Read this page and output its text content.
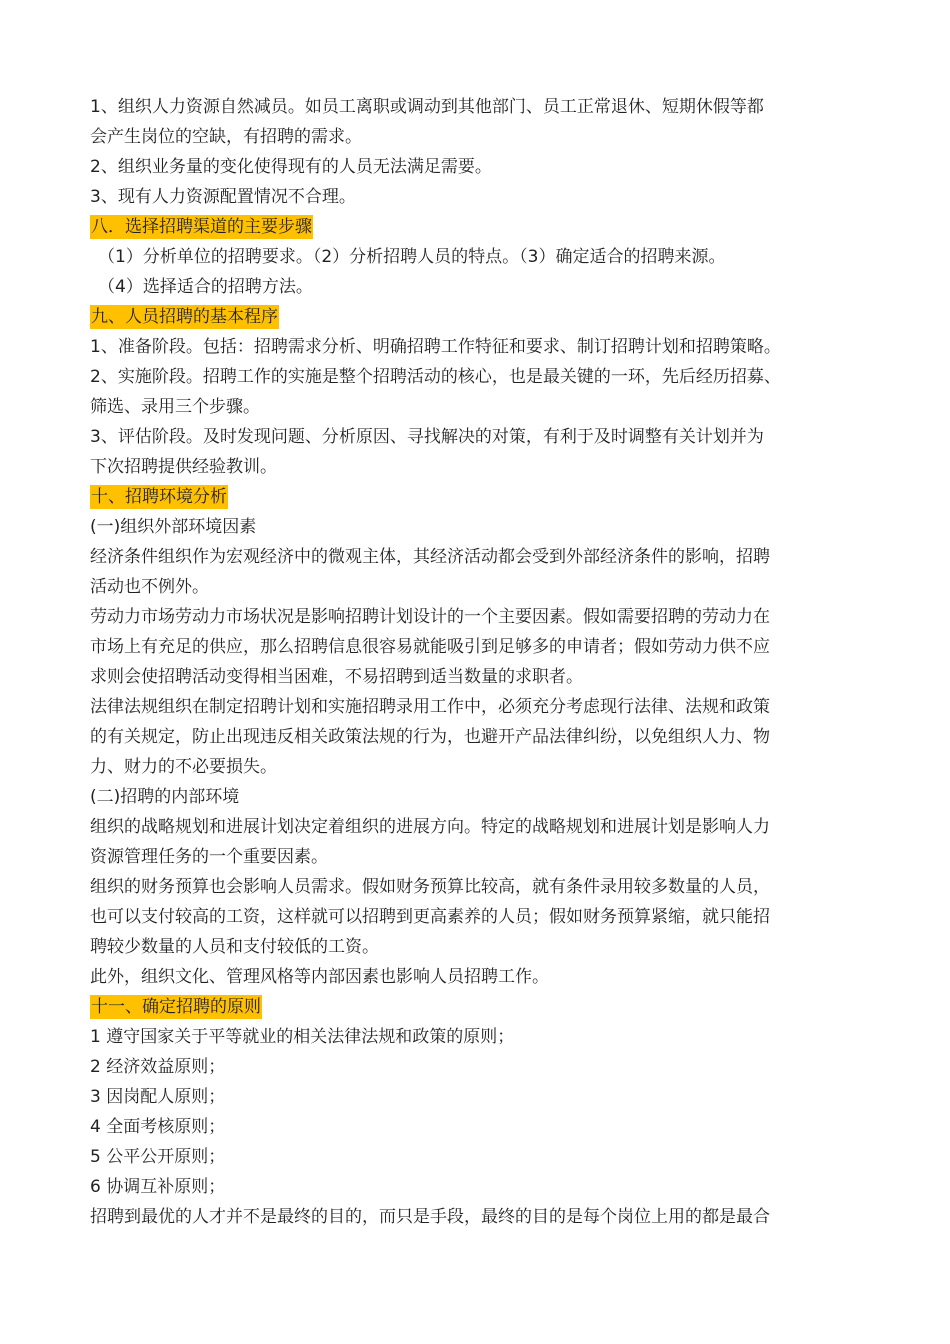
1、组织人力资源自然减员。如员工离职或调动到其他部门、员工正常退休、短期休假等都
会产生岗位的空缺，有招聘的需求。
2、组织业务量的变化使得现有的人员无法满足需要。
3、现有人力资源配置情况不合理。
八．选择招聘渠道的主要步骤
（1）分析单位的招聘要求。（2）分析招聘人员的特点。（3）确定适合的招聘来源。
（4）选择适合的招聘方法。
九、人员招聘的基本程序
1、准备阶段。包括：招聘需求分析、明确招聘工作特征和要求、制订招聘计划和招聘策略。
2、实施阶段。招聘工作的实施是整个招聘活动的核心，也是最关键的一环，先后经历招募、
筛选、录用三个步骤。
3、评估阶段。及时发现问题、分析原因、寻找解决的对策，有利于及时调整有关计划并为
下次招聘提供经验教训。
十、招聘环境分析
(一)组织外部环境因素
经济条件组织作为宏观经济中的微观主体，其经济活动都会受到外部经济条件的影响，招聘
活动也不例外。
劳动力市场劳动力市场状况是影响招聘计划设计的一个主要因素。假如需要招聘的劳动力在
市场上有充足的供应，那么招聘信息很容易就能吸引到足够多的申请者；假如劳动力供不应
求则会使招聘活动变得相当困难，不易招聘到适当数量的求职者。
法律法规组织在制定招聘计划和实施招聘录用工作中，必须充分考虑现行法律、法规和政策
的有关规定，防止出现违反相关政策法规的行为，也避开产品法律纠纷，以免组织人力、物
力、财力的不必要损失。
(二)招聘的内部环境
组织的战略规划和进展计划决定着组织的进展方向。特定的战略规划和进展计划是影响人力
资源管理任务的一个重要因素。
组织的财务预算也会影响人员需求。假如财务预算比较高，就有条件录用较多数量的人员，
也可以支付较高的工资，这样就可以招聘到更高素养的人员；假如财务预算紧缩，就只能招
聘较少数量的人员和支付较低的工资。
此外，组织文化、管理风格等内部因素也影响人员招聘工作。
十一、确定招聘的原则
1 遵守国家关于平等就业的相关法律法规和政策的原则；
2 经济效益原则；
3 因岗配人原则；
4 全面考核原则；
5 公平公开原则；
6 协调互补原则；
招聘到最优的人才并不是最终的目的，而只是手段，最终的目的是每个岗位上用的都是最合
